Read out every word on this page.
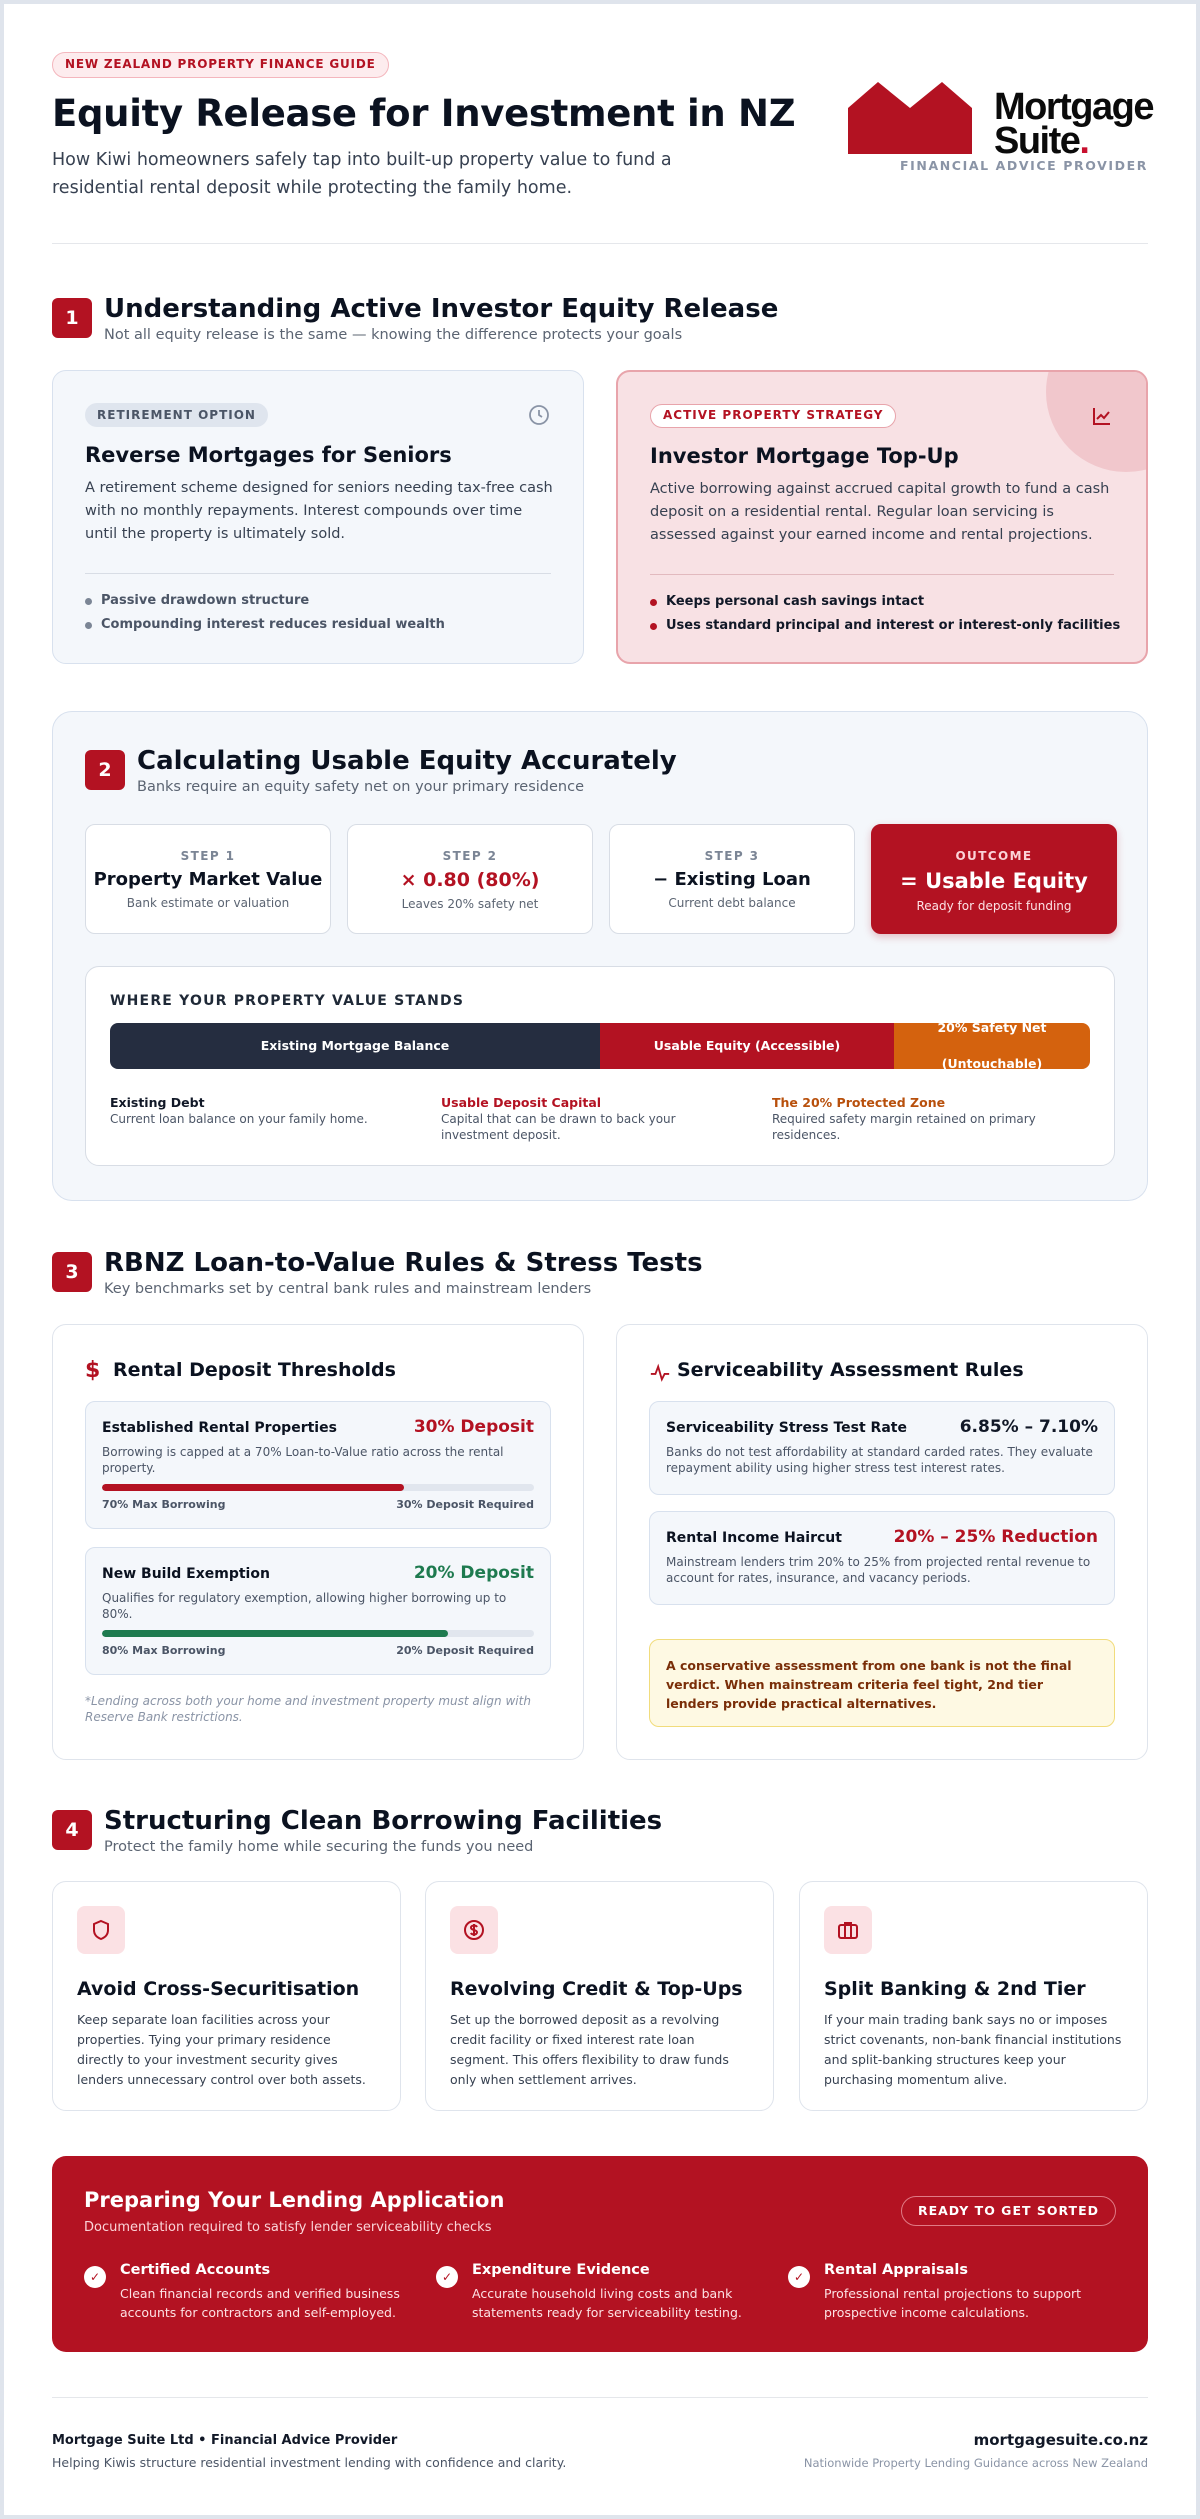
NEW ZEALAND PROPERTY FINANCE GUIDE
Equity Release for Investment in NZ

How Kiwi homeowners safely tap into built-up property value to fund a residential rental deposit while protecting the family home.

Mortgage
Suite.
FINANCIAL ADVICE PROVIDER
1 Understanding Active Investor Equity Release
Not all equity release is the same — knowing the difference protects your goals
RETIREMENT OPTION
Reverse Mortgages for Seniors

A retirement scheme designed for seniors needing tax-free cash with no monthly repayments. Interest compounds over time until the property is ultimately sold.

Passive drawdown structure
Compounding interest reduces residual wealth
ACTIVE PROPERTY STRATEGY
Investor Mortgage Top-Up

Active borrowing against accrued capital growth to fund a cash deposit on a residential rental. Regular loan servicing is assessed against your earned income and rental projections.

Keeps personal cash savings intact
Uses standard principal and interest or interest-only facilities
2 Calculating Usable Equity Accurately
Banks require an equity safety net on your primary residence
STEP 1
Property Market Value
Bank estimate or valuation
STEP 2
× 0.80 (80%)
Leaves 20% safety net
STEP 3
− Existing Loan
Current debt balance
OUTCOME
= Usable Equity
Ready for deposit funding
WHERE YOUR PROPERTY VALUE STANDS
Existing Mortgage Balance	Usable Equity (Accessible)
20% Safety Net
(Untouchable)
Existing Debt
Current loan balance on your family home.
Usable Deposit Capital
Capital that can be drawn to back your investment deposit.
The 20% Protected Zone
Required safety margin retained on primary residences.
3 RBNZ Loan-to-Value Rules & Stress Tests
Key benchmarks set by central bank rules and mainstream lenders
$ Rental Deposit Thresholds
Established Rental Properties	30% Deposit
Borrowing is capped at a 70% Loan-to-Value ratio across the rental property.
70% Max Borrowing	30% Deposit Required
New Build Exemption	20% Deposit
Qualifies for regulatory exemption, allowing higher borrowing up to 80%.
80% Max Borrowing	20% Deposit Required

*Lending across both your home and investment property must align with Reserve Bank restrictions.

Serviceability Assessment Rules
Serviceability Stress Test Rate	6.85% – 7.10%
Banks do not test affordability at standard carded rates. They evaluate repayment ability using higher stress test interest rates.
Rental Income Haircut	20% – 25% Reduction
Mainstream lenders trim 20% to 25% from projected rental revenue to account for rates, insurance, and vacancy periods.
A conservative assessment from one bank is not the final verdict. When mainstream criteria feel tight, 2nd tier lenders provide practical alternatives.
4 Structuring Clean Borrowing Facilities
Protect the family home while securing the funds you need
Avoid Cross-Securitisation

Keep separate loan facilities across your properties. Tying your primary residence directly to your investment security gives lenders unnecessary control over both assets.

Revolving Credit & Top-Ups

Set up the borrowed deposit as a revolving credit facility or fixed interest rate loan segment. This offers flexibility to draw funds only when settlement arrives.

Split Banking & 2nd Tier

If your main trading bank says no or imposes strict covenants, non-bank financial institutions and split-banking structures keep your purchasing momentum alive.

Preparing Your Lending Application
Documentation required to satisfy lender serviceability checks
READY TO GET SORTED
✓	Certified Accounts
Clean financial records and verified business accounts for contractors and self-employed.
✓	Expenditure Evidence
Accurate household living costs and bank statements ready for serviceability testing.
✓	Rental Appraisals
Professional rental projections to support prospective income calculations.
Mortgage Suite Ltd • Financial Advice Provider
Helping Kiwis structure residential investment lending with confidence and clarity.
mortgagesuite.co.nz
Nationwide Property Lending Guidance across New Zealand
